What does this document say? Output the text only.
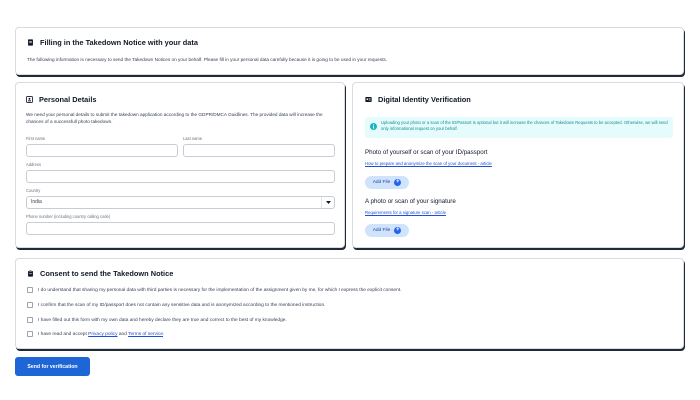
Filling in the Takedown Notice with your data
The following information is necessary to send the Takedown Notices on your behalf. Please fill in your personal data carefully because it is going to be used in your requests.
Personal Details
We need your personal details to submit the takedown application according to the GDPR/DMCA Guidlines. The provided data will increase the chances of a successfull photo takedown.
First name	Last name
Address
Country
India
Phone number (including country calling code)
Digital Identity Verification
Uploading your photo or a scan of the ID/Passort is optional but it will increase the chances of Takedown Requests to be accepted. Otherwise, we will send only informational request on your behalf.
Photo of yourself or scan of your ID/passport
How to prepare and anonymize the scan of your document - article
Add File +
A photo or scan of your signature
Requirements for a signature scan - article
Add File +
Consent to send the Takedown Notice
I do understand that sharing my personal data with third parties is necessary for the implementation of the assignment given by me, for which I express the explicit consent.
I confirm that the scan of my ID/passport does not contain any sensitive data and is anonymized according to the mentioned instruction.
I have filled out this form with my own data and hereby declare they are true and correct to the best of my knowledge.
I have read and accept Privacy policy and Terms of service.
Send for verification
